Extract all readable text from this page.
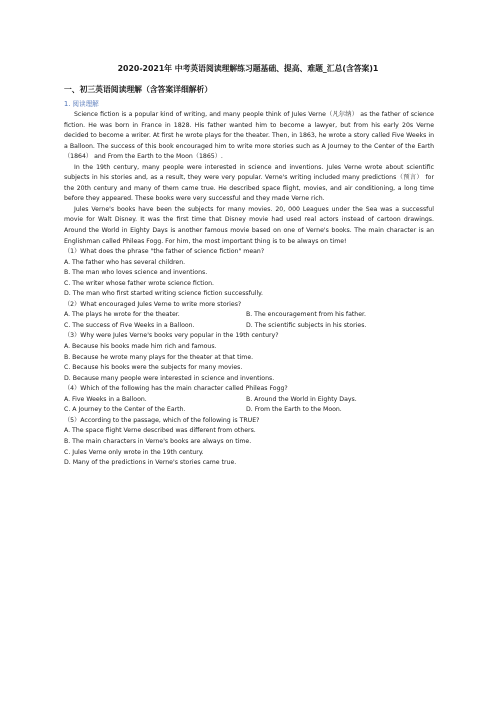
2020-2021年 中考英语阅读理解练习题基础、提高、难题_汇总(含答案)1
一、初三英语阅读理解（含答案详细解析）
1. 阅读理解

Science fiction is a popular kind of writing, and many people think of Jules Verne（凡尔纳） as the father of science fiction. He was born in France in 1828. His father wanted him to become a lawyer, but from his early 20s Verne decided to become a writer. At first he wrote plays for the theater. Then, in 1863, he wrote a story called Five Weeks in a Balloon. The success of this book encouraged him to write more stories such as A Journey to the Center of the Earth（1864） and From the Earth to the Moon（1865）.

In the 19th century, many people were interested in science and inventions. Jules Verne wrote about scientific subjects in his stories and, as a result, they were very popular. Verne's writing included many predictions（预言） for the 20th century and many of them came true. He described space flight, movies, and air conditioning, a long time before they appeared. These books were very successful and they made Verne rich.

Jules Verne's books have been the subjects for many movies. 20, 000 Leagues under the Sea was a successful movie for Walt Disney. It was the first time that Disney movie had used real actors instead of cartoon drawings. Around the World in Eighty Days is another famous movie based on one of Verne's books. The main character is an Englishman called Phileas Fogg. For him, the most important thing is to be always on time!

（1）What does the phrase "the father of science fiction" mean?
A. The father who has several children.
B. The man who loves science and inventions.
C. The writer whose father wrote science fiction.
D. The man who first started writing science fiction successfully.
（2）What encouraged Jules Verne to write more stories?
A. The plays he wrote for the theater.	B. The encouragement from his father.
C. The success of Five Weeks in a Balloon.	D. The scientific subjects in his stories.
（3）Why were Jules Verne's books very popular in the 19th century?
A. Because his books made him rich and famous.
B. Because he wrote many plays for the theater at that time.
C. Because his books were the subjects for many movies.
D. Because many people were interested in science and inventions.
（4）Which of the following has the main character called Phileas Fogg?
A. Five Weeks in a Balloon.	B. Around the World in Eighty Days.
C. A Journey to the Center of the Earth.	D. From the Earth to the Moon.
（5）According to the passage, which of the following is TRUE?
A. The space flight Verne described was different from others.
B. The main characters in Verne's books are always on time.
C. Jules Verne only wrote in the 19th century.
D. Many of the predictions in Verne's stories came true.
